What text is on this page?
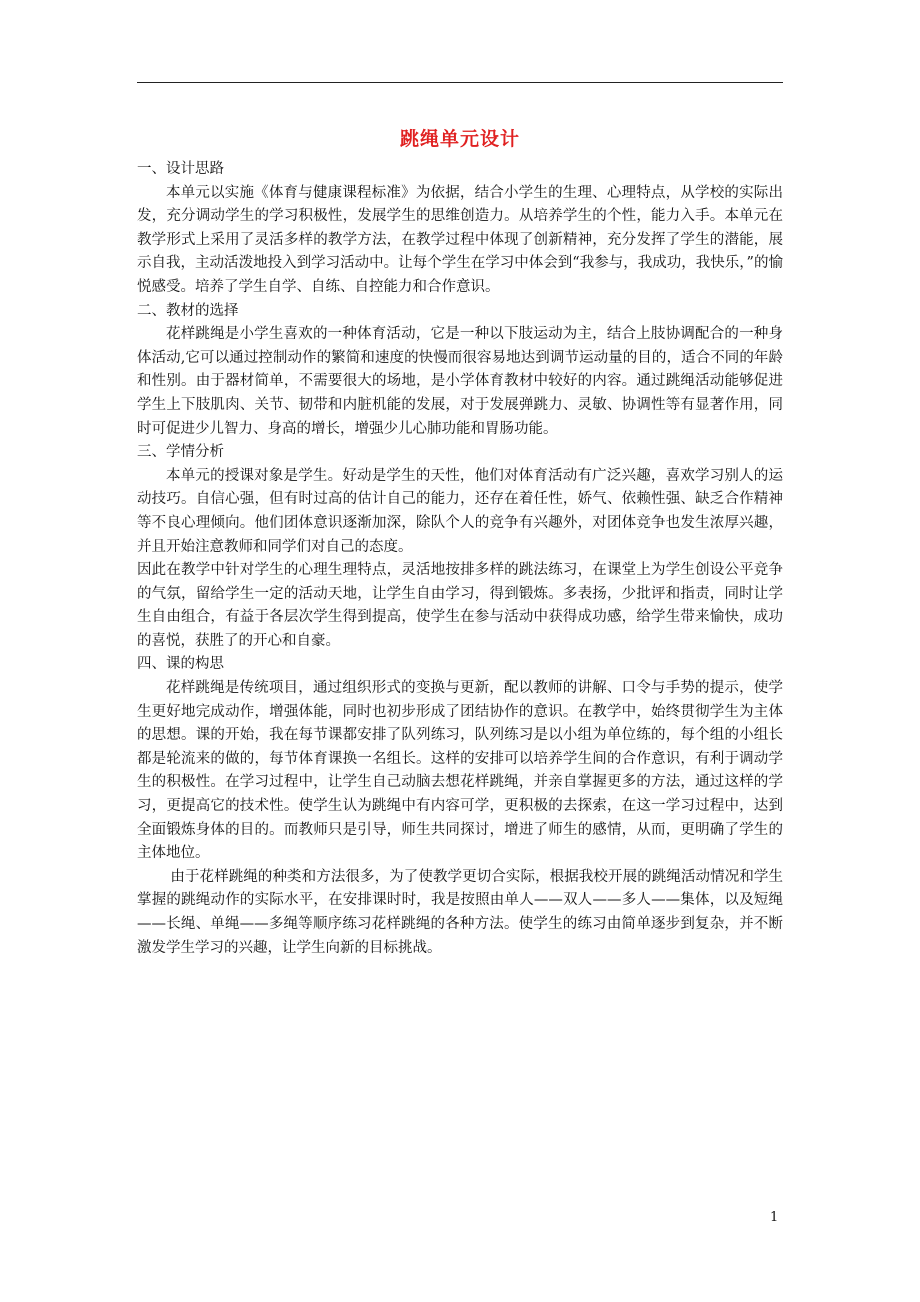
跳绳单元设计
一、设计思路

本单元以实施《体育与健康课程标准》为依据，结合小学生的生理、心理特点，从学校的实际出发，充分调动学生的学习积极性，发展学生的思维创造力。从培养学生的个性，能力入手。本单元在教学形式上采用了灵活多样的教学方法，在教学过程中体现了创新精神，充分发挥了学生的潜能，展示自我，主动活泼地投入到学习活动中。让每个学生在学习中体会到“我参与，我成功，我快乐，”的愉悦感受。培养了学生自学、自练、自控能力和合作意识。

二、教材的选择

花样跳绳是小学生喜欢的一种体育活动，它是一种以下肢运动为主，结合上肢协调配合的一种身体活动,它可以通过控制动作的繁简和速度的快慢而很容易地达到调节运动量的目的，适合不同的年龄和性别。由于器材简单，不需要很大的场地，是小学体育教材中较好的内容。通过跳绳活动能够促进学生上下肢肌肉、关节、韧带和内脏机能的发展，对于发展弹跳力、灵敏、协调性等有显著作用，同时可促进少儿智力、身高的增长，增强少儿心肺功能和胃肠功能。

三、学情分析

本单元的授课对象是学生。好动是学生的天性，他们对体育活动有广泛兴趣，喜欢学习别人的运动技巧。自信心强，但有时过高的估计自己的能力，还存在着任性，娇气、依赖性强、缺乏合作精神等不良心理倾向。他们团体意识逐渐加深，除队个人的竞争有兴趣外，对团体竞争也发生浓厚兴趣，并且开始注意教师和同学们对自己的态度。

因此在教学中针对学生的心理生理特点，灵活地按排多样的跳法练习，在课堂上为学生创设公平竞争的气氛，留给学生一定的活动天地，让学生自由学习，得到锻炼。多表扬，少批评和指责，同时让学生自由组合，有益于各层次学生得到提高，使学生在参与活动中获得成功感，给学生带来愉快，成功的喜悦，获胜了的开心和自豪。

四、课的构思

花样跳绳是传统项目，通过组织形式的变换与更新，配以教师的讲解、口令与手势的提示，使学生更好地完成动作，增强体能，同时也初步形成了团结协作的意识。在教学中，始终贯彻学生为主体的思想。课的开始，我在每节课都安排了队列练习，队列练习是以小组为单位练的，每个组的小组长都是轮流来的做的，每节体育课换一名组长。这样的安排可以培养学生间的合作意识，有利于调动学生的积极性。在学习过程中，让学生自己动脑去想花样跳绳，并亲自掌握更多的方法，通过这样的学习，更提高它的技术性。使学生认为跳绳中有内容可学，更积极的去探索，在这一学习过程中，达到全面锻炼身体的目的。而教师只是引导，师生共同探讨，增进了师生的感情，从而，更明确了学生的主体地位。

由于花样跳绳的种类和方法很多，为了使教学更切合实际，根据我校开展的跳绳活动情况和学生掌握的跳绳动作的实际水平，在安排课时时，我是按照由单人——双人——多人——集体，以及短绳——长绳、单绳——多绳等顺序练习花样跳绳的各种方法。使学生的练习由简单逐步到复杂，并不断激发学生学习的兴趣，让学生向新的目标挑战。

1
